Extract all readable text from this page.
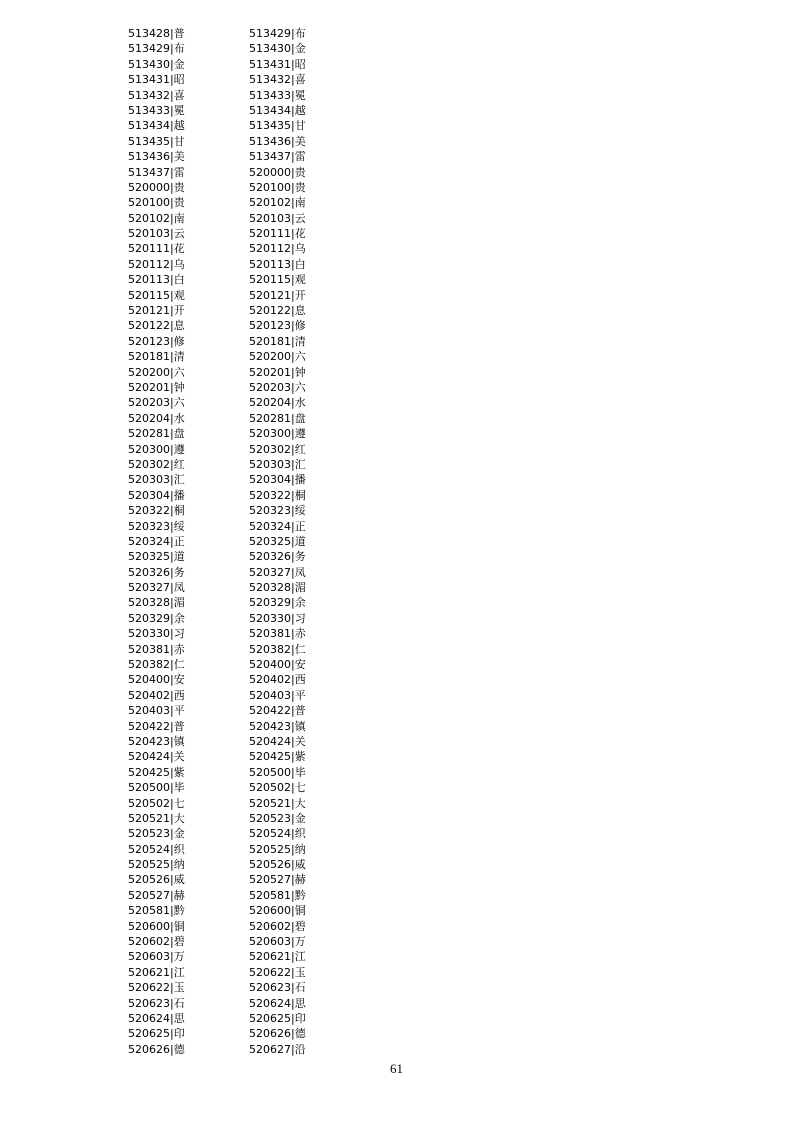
513428|普
513429|布
513430|金
513431|昭
513432|喜
513433|冕
513434|越
513435|甘
513436|美
513437|雷
520000|贵
520100|贵
520102|南
520103|云
520111|花
520112|乌
520113|白
520115|观
520121|开
520122|息
520123|修
520181|清
520200|六
520201|钟
520203|六
520204|水
520281|盘
520300|遵
520302|红
520303|汇
520304|播
520322|桐
520323|绥
520324|正
520325|道
520326|务
520327|凤
520328|湄
520329|余
520330|习
520381|赤
520382|仁
520400|安
520402|西
520403|平
520422|普
520423|镇
520424|关
520425|紫
520500|毕
520502|七
520521|大
520523|金
520524|织
520525|纳
520526|威
520527|赫
520581|黔
520600|铜
520602|碧
520603|万
520621|江
520622|玉
520623|石
520624|思
520625|印
520626|德
513429|布
513430|金
513431|昭
513432|喜
513433|冕
513434|越
513435|甘
513436|美
513437|雷
520000|贵
520100|贵
520102|南
520103|云
520111|花
520112|乌
520113|白
520115|观
520121|开
520122|息
520123|修
520181|清
520200|六
520201|钟
520203|六
520204|水
520281|盘
520300|遵
520302|红
520303|汇
520304|播
520322|桐
520323|绥
520324|正
520325|道
520326|务
520327|凤
520328|湄
520329|余
520330|习
520381|赤
520382|仁
520400|安
520402|西
520403|平
520422|普
520423|镇
520424|关
520425|紫
520500|毕
520502|七
520521|大
520523|金
520524|织
520525|纳
520526|威
520527|赫
520581|黔
520600|铜
520602|碧
520603|万
520621|江
520622|玉
520623|石
520624|思
520625|印
520626|德
520627|沿
61
